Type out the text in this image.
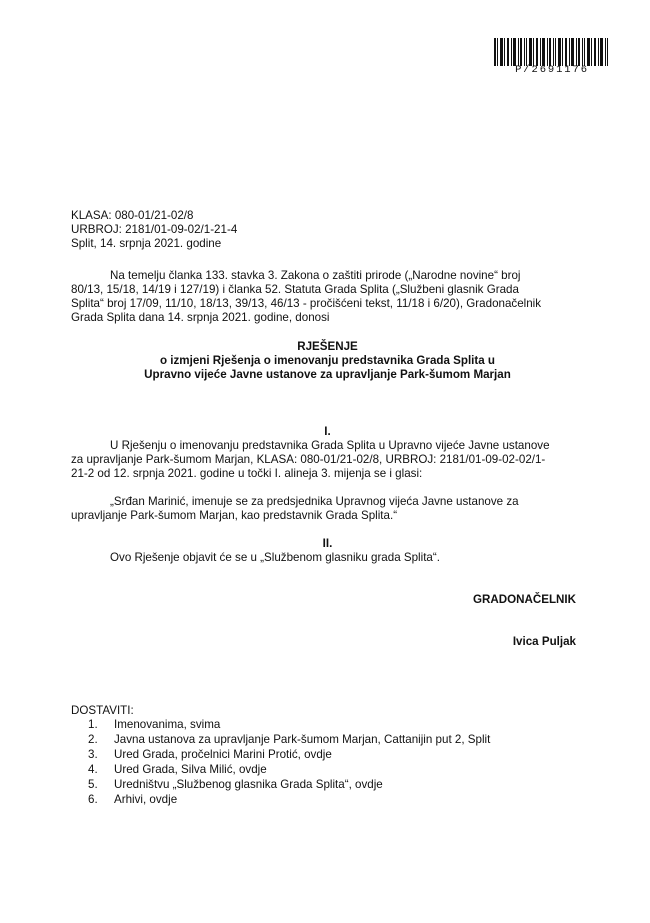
P/2691176
KLASA: 080-01/21-02/8
URBROJ: 2181/01-09-02/1-21-4
Split, 14. srpnja 2021. godine
Na temelju članka 133. stavka 3. Zakona o zaštiti prirode („Narodne novine“ broj
80/13, 15/18, 14/19 i 127/19) i članka 52. Statuta Grada Splita („Službeni glasnik Grada
Splita“ broj 17/09, 11/10, 18/13, 39/13, 46/13 - pročišćeni tekst, 11/18 i 6/20), Gradonačelnik
Grada Splita dana 14. srpnja 2021. godine, donosi
RJEŠENJE
o izmjeni Rješenja o imenovanju predstavnika Grada Splita u
Upravno vijeće Javne ustanove za upravljanje Park-šumom Marjan
I.
U Rješenju o imenovanju predstavnika Grada Splita u Upravno vijeće Javne ustanove
za upravljanje Park-šumom Marjan, KLASA: 080-01/21-02/8, URBROJ: 2181/01-09-02-02/1-
21-2 od 12. srpnja 2021. godine u točki I. alineja 3. mijenja se i glasi:
„Srđan Marinić, imenuje se za predsjednika Upravnog vijeća Javne ustanove za
upravljanje Park-šumom Marjan, kao predstavnik Grada Splita.“
II.
Ovo Rješenje objavit će se u „Službenom glasniku grada Splita“.
GRADONAČELNIK
Ivica Puljak
DOSTAVITI:
1.	Imenovanima, svima
2.	Javna ustanova za upravljanje Park-šumom Marjan, Cattanijin put 2, Split
3.	Ured Grada, pročelnici Marini Protić, ovdje
4.	Ured Grada, Silva Milić, ovdje
5.	Uredništvu „Službenog glasnika Grada Splita“, ovdje
6.	Arhivi, ovdje
